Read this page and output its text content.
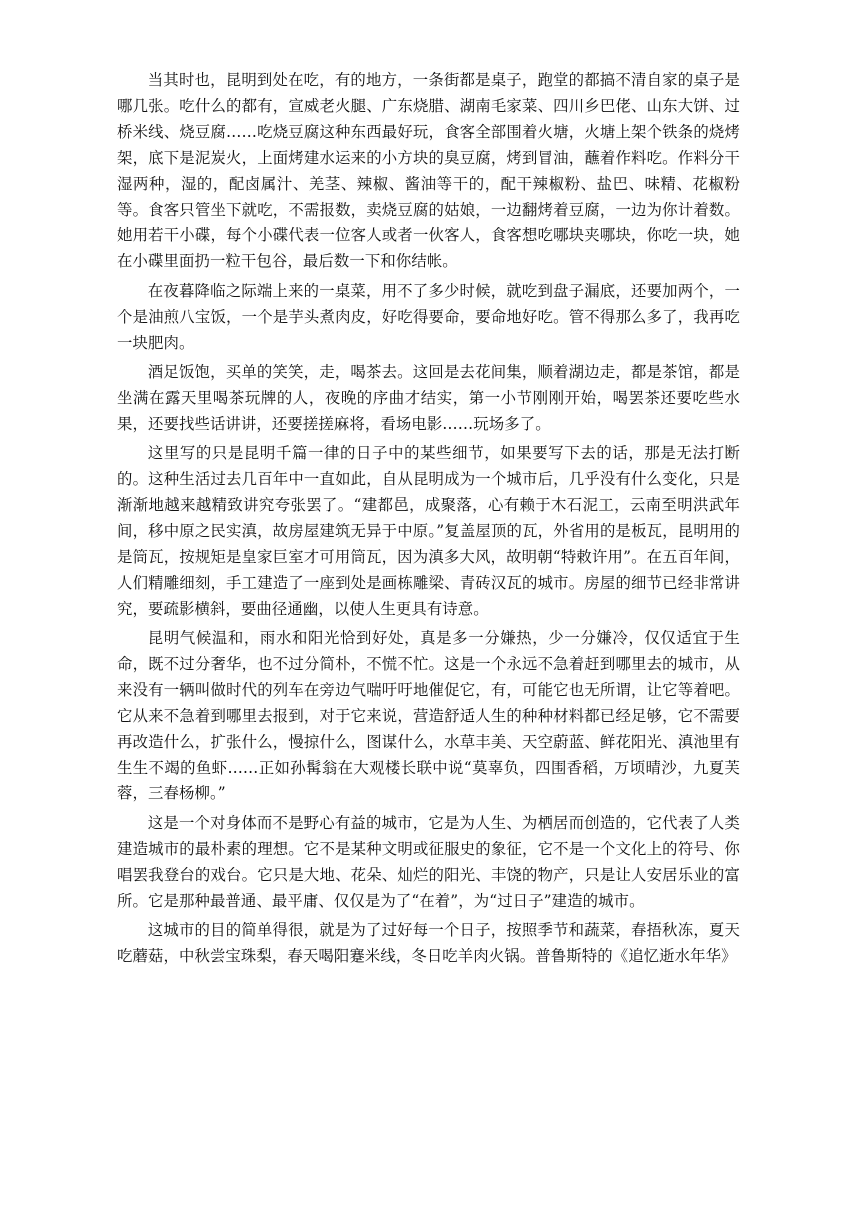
当其时也，昆明到处在吃，有的地方，一条街都是桌子，跑堂的都搞不清自家的桌子是哪几张。吃什么的都有，宣威老火腿、广东烧腊、湖南毛家菜、四川乡巴佬、山东大饼、过桥米线、烧豆腐……吃烧豆腐这种东西最好玩，食客全部围着火塘，火塘上架个铁条的烧烤架，底下是泥炭火，上面烤建水运来的小方块的臭豆腐，烤到冒油，蘸着作料吃。作料分干湿两种，湿的，配卤属汁、羌茎、辣椒、酱油等干的，配干辣椒粉、盐巴、味精、花椒粉等。食客只管坐下就吃，不需报数，卖烧豆腐的姑娘，一边翻烤着豆腐，一边为你计着数。她用若干小碟，每个小碟代表一位客人或者一伙客人，食客想吃哪块夹哪块，你吃一块，她在小碟里面扔一粒干包谷，最后数一下和你结帐。

在夜暮降临之际端上来的一桌菜，用不了多少时候，就吃到盘子漏底，还要加两个，一个是油煎八宝饭，一个是芋头煮肉皮，好吃得要命，要命地好吃。管不得那么多了，我再吃一块肥肉。

酒足饭饱，买单的笑笑，走，喝茶去。这回是去花间集，顺着湖边走，都是茶馆，都是坐满在露天里喝茶玩牌的人，夜晚的序曲才结实，第一小节刚刚开始，喝罢茶还要吃些水果，还要找些话讲讲，还要搓搓麻将，看场电影……玩场多了。

这里写的只是昆明千篇一律的日子中的某些细节，如果要写下去的话，那是无法打断的。这种生活过去几百年中一直如此，自从昆明成为一个城市后，几乎没有什么变化，只是渐渐地越来越精致讲究夸张罢了。“建都邑，成聚落，心有赖于木石泥工，云南至明洪武年间，移中原之民实滇，故房屋建筑无异于中原。”复盖屋顶的瓦，外省用的是板瓦，昆明用的是筒瓦，按规矩是皇家巨室才可用筒瓦，因为滇多大风，故明朝“特敕许用”。在五百年间，人们精雕细刻，手工建造了一座到处是画栋雕梁、青砖汉瓦的城市。房屋的细节已经非常讲究，要疏影横斜，要曲径通幽，以使人生更具有诗意。

昆明气候温和，雨水和阳光恰到好处，真是多一分嫌热，少一分嫌冷，仅仅适宜于生命，既不过分奢华，也不过分简朴，不慌不忙。这是一个永远不急着赶到哪里去的城市，从来没有一辆叫做时代的列车在旁边气喘吁吁地催促它，有，可能它也无所谓，让它等着吧。它从来不急着到哪里去报到，对于它来说，营造舒适人生的种种材料都已经足够，它不需要再改造什么，扩张什么，慢掠什么，图谋什么，水草丰美、天空蔚蓝、鲜花阳光、滇池里有生生不竭的鱼虾……正如孙髯翁在大观楼长联中说“莫辜负，四围香稻，万顷晴沙，九夏芙蓉，三春杨柳。”

这是一个对身体而不是野心有益的城市，它是为人生、为栖居而创造的，它代表了人类建造城市的最朴素的理想。它不是某种文明或征服史的象征，它不是一个文化上的符号、你唱罢我登台的戏台。它只是大地、花朵、灿烂的阳光、丰饶的物产，只是让人安居乐业的富所。它是那种最普通、最平庸、仅仅是为了“在着”，为“过日子”建造的城市。

这城市的目的简单得很，就是为了过好每一个日子，按照季节和蔬菜，春捂秋冻，夏天吃蘑菇，中秋尝宝珠梨，春天喝阳蹇米线，冬日吃羊肉火锅。普鲁斯特的《追忆逝水年华》
